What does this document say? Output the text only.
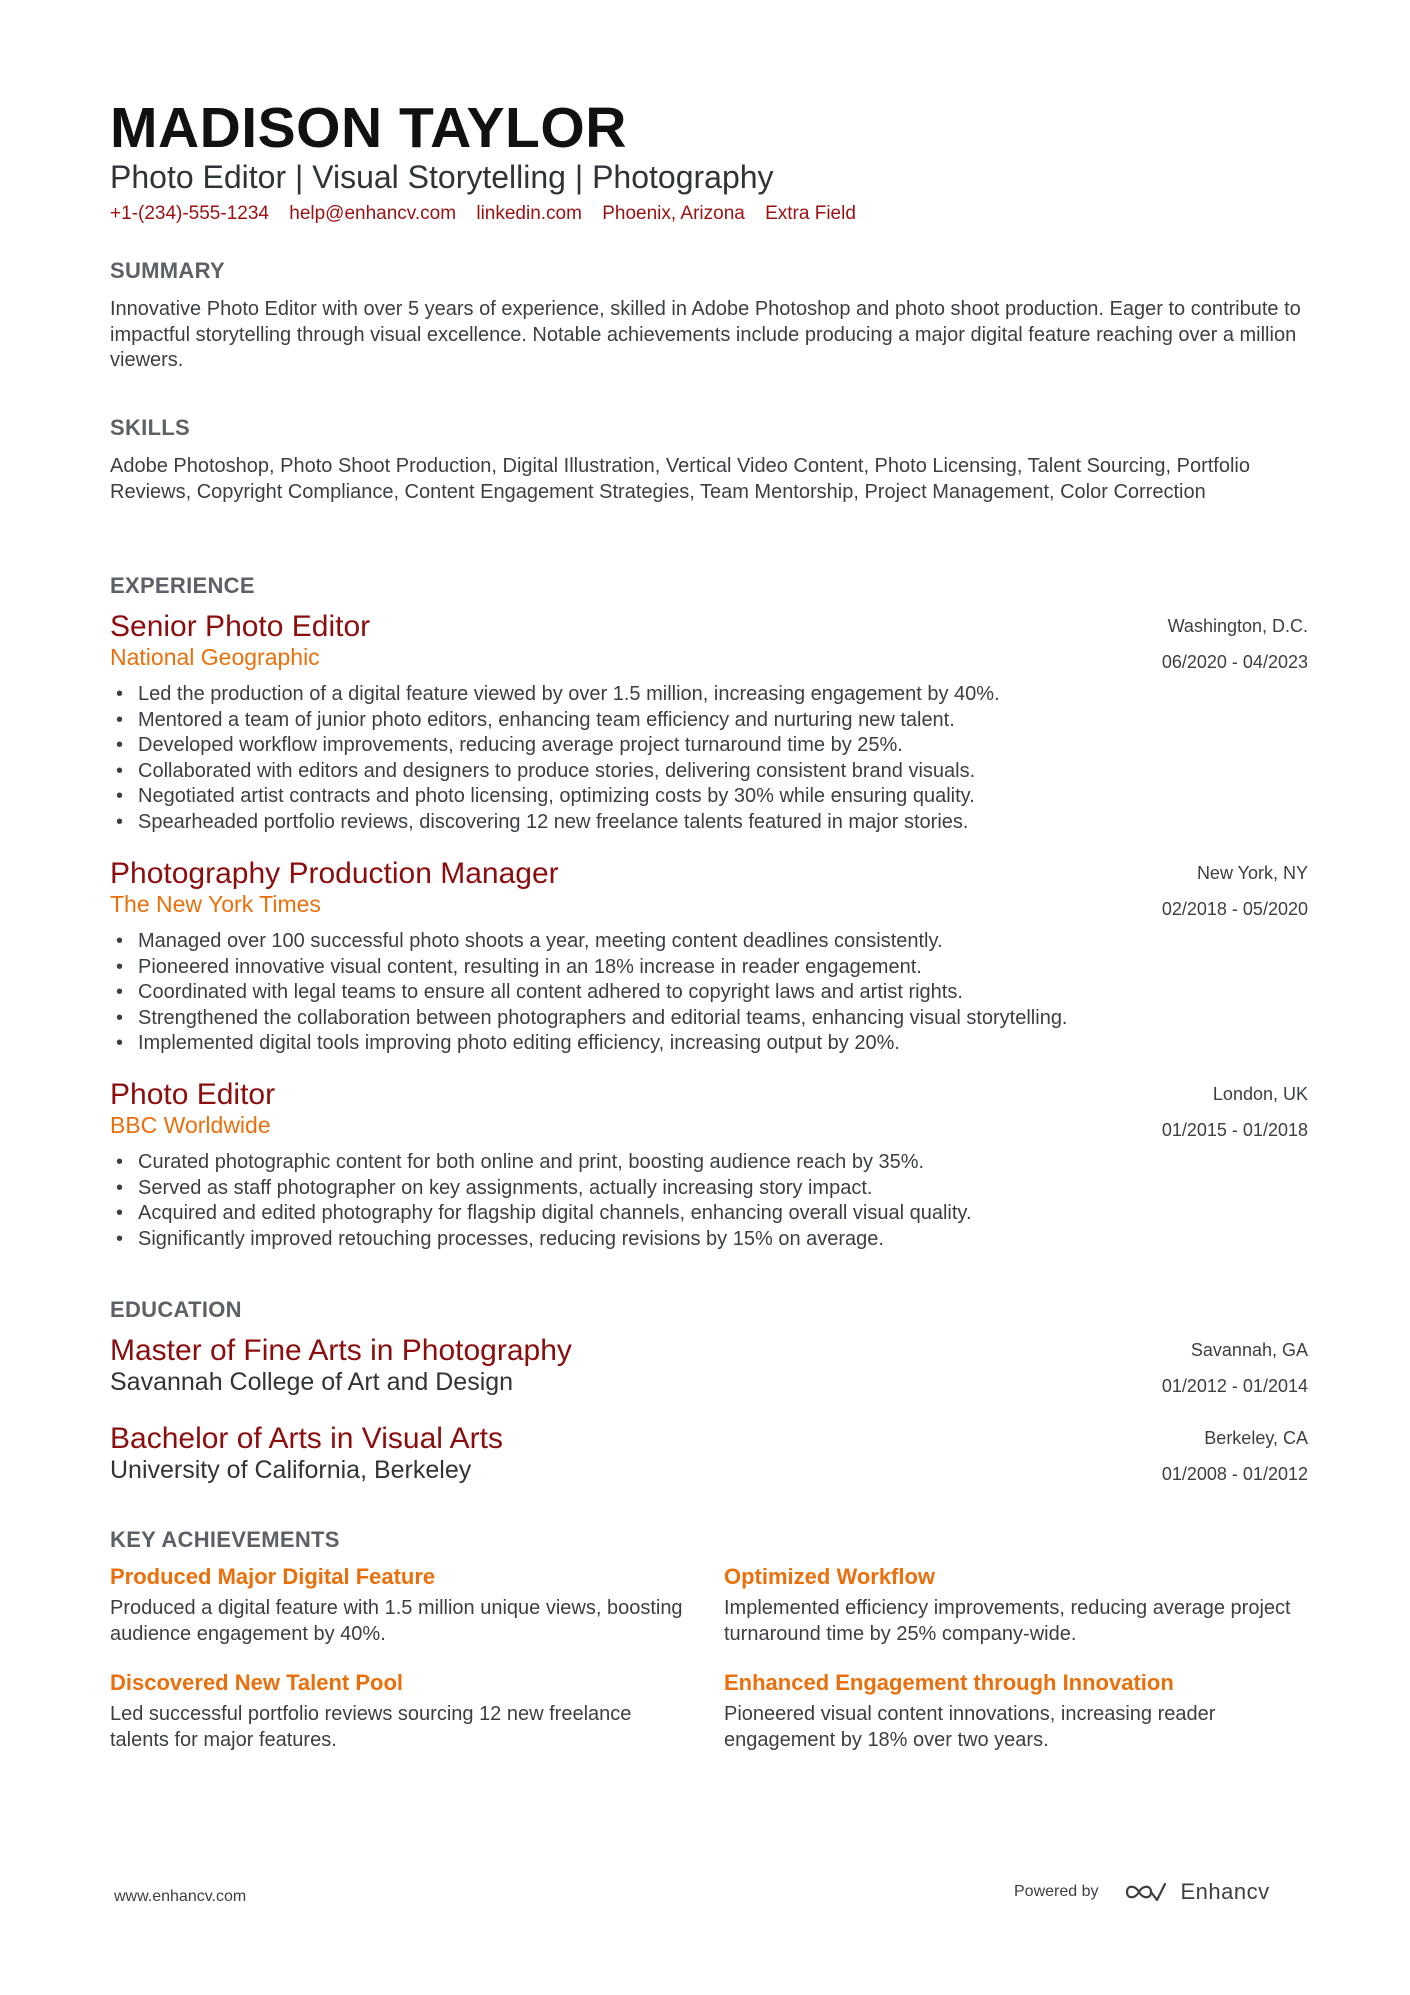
MADISON TAYLOR
Photo Editor | Visual Storytelling | Photography
+1-(234)-555-1234 help@enhancv.com linkedin.com Phoenix, Arizona Extra Field
SUMMARY
Innovative Photo Editor with over 5 years of experience, skilled in Adobe Photoshop and photo shoot production. Eager to contribute to impactful storytelling through visual excellence. Notable achievements include producing a major digital feature reaching over a million viewers.
SKILLS
Adobe Photoshop, Photo Shoot Production, Digital Illustration, Vertical Video Content, Photo Licensing, Talent Sourcing, Portfolio Reviews, Copyright Compliance, Content Engagement Strategies, Team Mentorship, Project Management, Color Correction
EXPERIENCE
Senior Photo Editor
National Geographic
Washington, D.C.
06/2020 - 04/2023
• Led the production of a digital feature viewed by over 1.5 million, increasing engagement by 40%.
• Mentored a team of junior photo editors, enhancing team efficiency and nurturing new talent.
• Developed workflow improvements, reducing average project turnaround time by 25%.
• Collaborated with editors and designers to produce stories, delivering consistent brand visuals.
• Negotiated artist contracts and photo licensing, optimizing costs by 30% while ensuring quality.
• Spearheaded portfolio reviews, discovering 12 new freelance talents featured in major stories.
Photography Production Manager
The New York Times
New York, NY
02/2018 - 05/2020
• Managed over 100 successful photo shoots a year, meeting content deadlines consistently.
• Pioneered innovative visual content, resulting in an 18% increase in reader engagement.
• Coordinated with legal teams to ensure all content adhered to copyright laws and artist rights.
• Strengthened the collaboration between photographers and editorial teams, enhancing visual storytelling.
• Implemented digital tools improving photo editing efficiency, increasing output by 20%.
Photo Editor
BBC Worldwide
London, UK
01/2015 - 01/2018
• Curated photographic content for both online and print, boosting audience reach by 35%.
• Served as staff photographer on key assignments, actually increasing story impact.
• Acquired and edited photography for flagship digital channels, enhancing overall visual quality.
• Significantly improved retouching processes, reducing revisions by 15% on average.
EDUCATION
Master of Fine Arts in Photography
Savannah College of Art and Design
Savannah, GA
01/2012 - 01/2014
Bachelor of Arts in Visual Arts
University of California, Berkeley
Berkeley, CA
01/2008 - 01/2012
KEY ACHIEVEMENTS
Produced Major Digital Feature
Produced a digital feature with 1.5 million unique views, boosting audience engagement by 40%.
Optimized Workflow
Implemented efficiency improvements, reducing average project turnaround time by 25% company-wide.
Discovered New Talent Pool
Led successful portfolio reviews sourcing 12 new freelance talents for major features.
Enhanced Engagement through Innovation
Pioneered visual content innovations, increasing reader engagement by 18% over two years.
www.enhancv.com	Powered by	Enhancv
